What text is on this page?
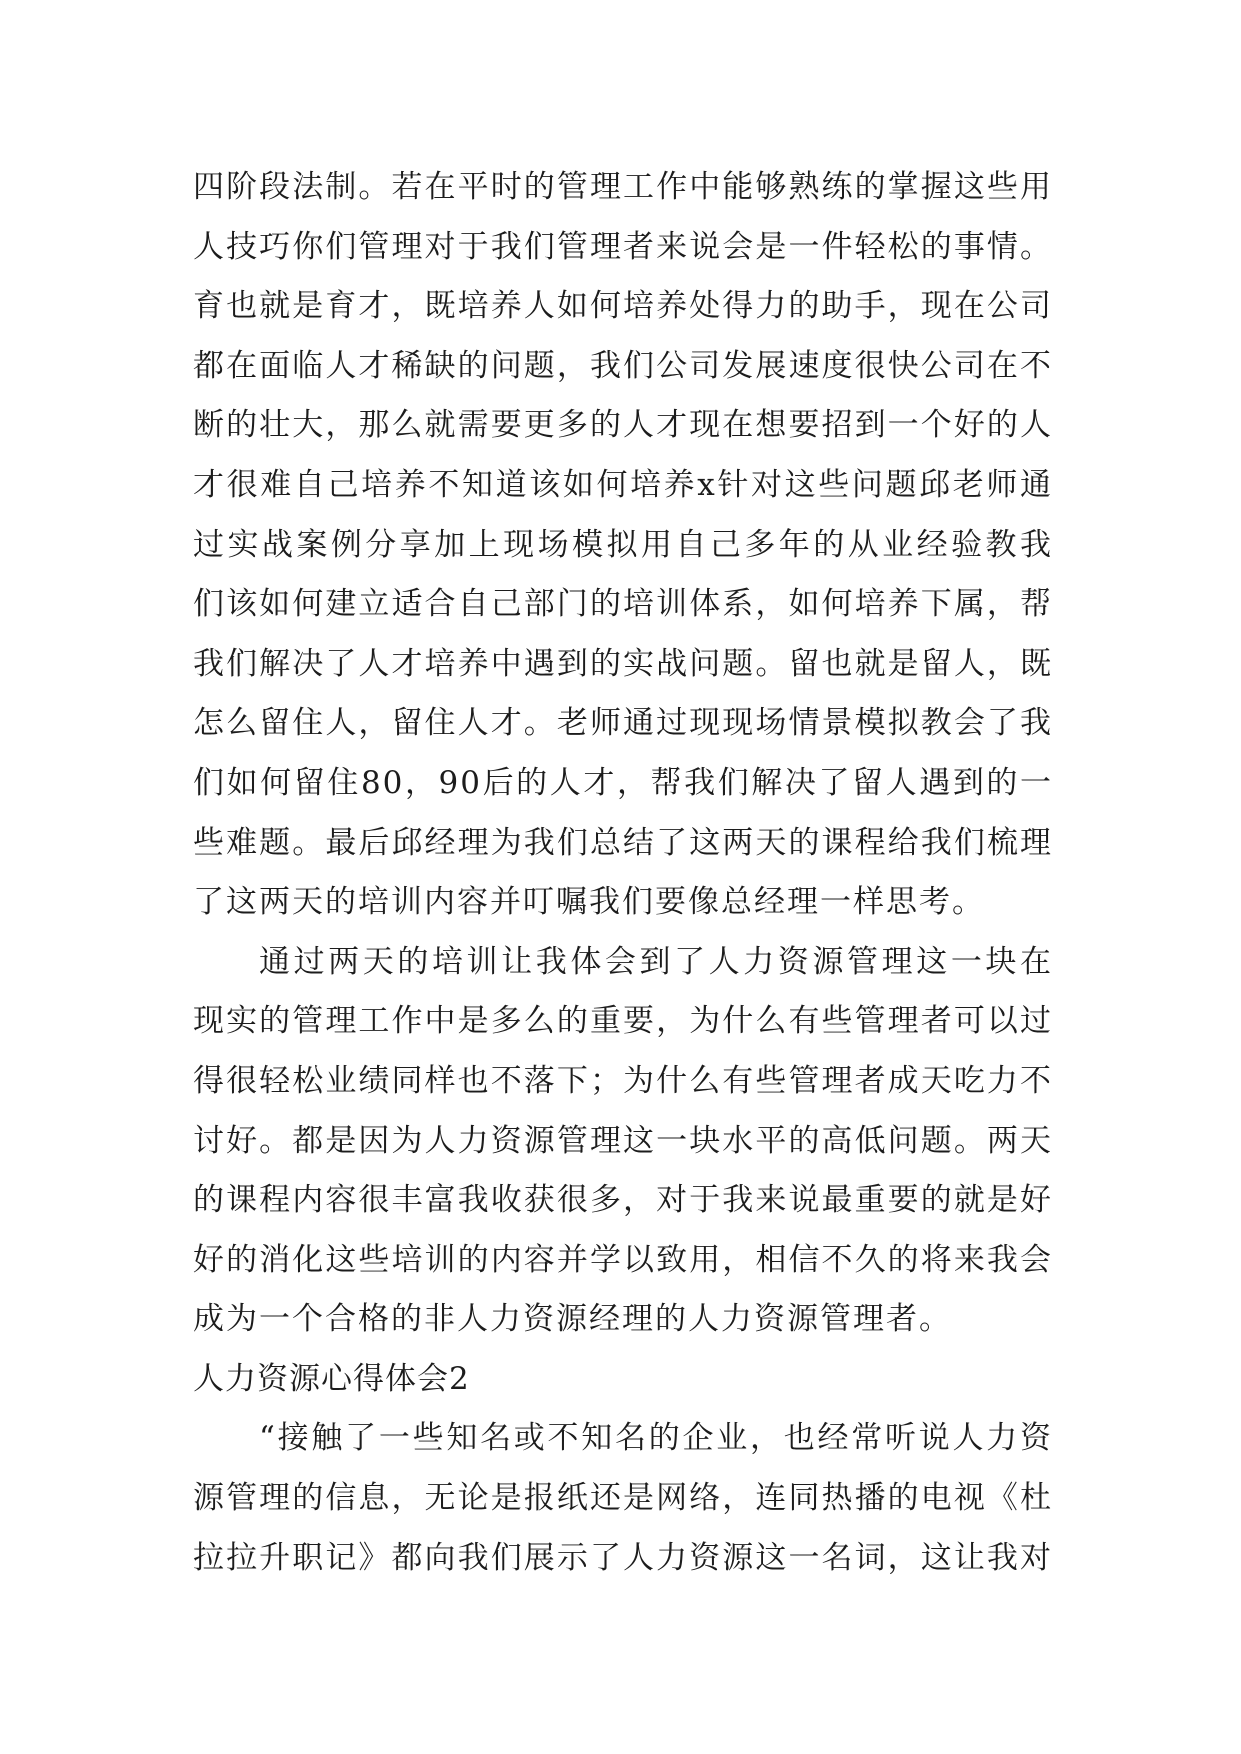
四阶段法制。若在平时的管理工作中能够熟练的掌握这些用
人技巧你们管理对于我们管理者来说会是一件轻松的事情。
育也就是育才，既培养人如何培养处得力的助手，现在公司
都在面临人才稀缺的问题，我们公司发展速度很快公司在不
断的壮大，那么就需要更多的人才现在想要招到一个好的人
才很难自己培养不知道该如何培养x针对这些问题邱老师通
过实战案例分享加上现场模拟用自己多年的从业经验教我
们该如何建立适合自己部门的培训体系，如何培养下属，帮
我们解决了人才培养中遇到的实战问题。留也就是留人，既
怎么留住人，留住人才。老师通过现现场情景模拟教会了我
们如何留住80，90后的人才，帮我们解决了留人遇到的一
些难题。最后邱经理为我们总结了这两天的课程给我们梳理
了这两天的培训内容并叮嘱我们要像总经理一样思考。
通过两天的培训让我体会到了人力资源管理这一块在
现实的管理工作中是多么的重要，为什么有些管理者可以过
得很轻松业绩同样也不落下；为什么有些管理者成天吃力不
讨好。都是因为人力资源管理这一块水平的高低问题。两天
的课程内容很丰富我收获很多，对于我来说最重要的就是好
好的消化这些培训的内容并学以致用，相信不久的将来我会
成为一个合格的非人力资源经理的人力资源管理者。
人力资源心得体会2
“接触了一些知名或不知名的企业，也经常听说人力资
源管理的信息，无论是报纸还是网络，连同热播的电视《杜
拉拉升职记》都向我们展示了人力资源这一名词，这让我对
